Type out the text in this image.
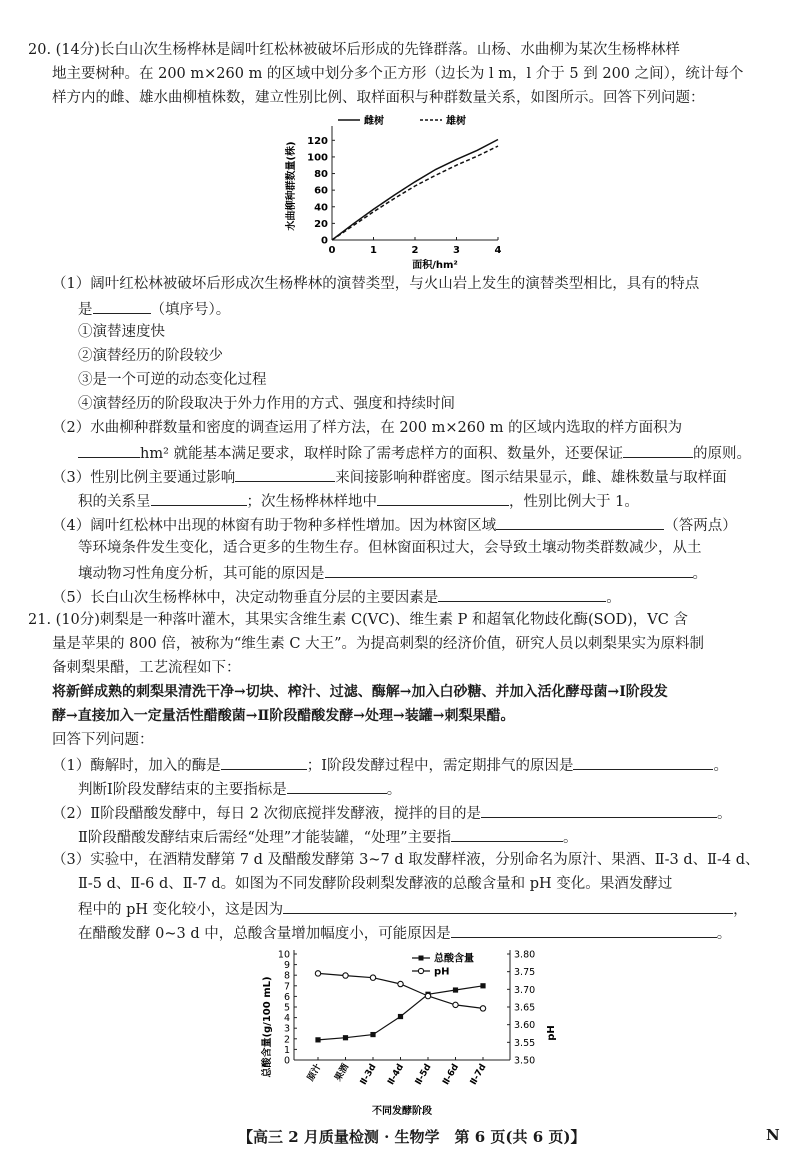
20. (14分)长白山次生杨桦林是阔叶红松林被破坏后形成的先锋群落。山杨、水曲柳为某次生杨桦林样
地主要树种。在 200 m×260 m 的区域中划分多个正方形（边长为 l m，l 介于 5 到 200 之间），统计每个
样方内的雌、雄水曲柳植株数，建立性别比例、取样面积与种群数量关系，如图所示。回答下列问题：
0
20
40
60
80
100
120
0	1	2	3	4
面积/hm²
水曲柳种群数量(株)
雌树	雄树
（1）阔叶红松林被破坏后形成次生杨桦林的演替类型，与火山岩上发生的演替类型相比，具有的特点
是	（填序号）。
①演替速度快
②演替经历的阶段较少
③是一个可逆的动态变化过程
④演替经历的阶段取决于外力作用的方式、强度和持续时间
（2）水曲柳种群数量和密度的调查运用了样方法，在 200 m×260 m 的区域内选取的样方面积为
hm² 就能基本满足要求，取样时除了需考虑样方的面积、数量外，还要保证	的原则。
（3）性别比例主要通过影响	来间接影响种群密度。图示结果显示，雌、雄株数量与取样面
积的关系呈	；次生杨桦林样地中	，性别比例大于 1。
（4）阔叶红松林中出现的林窗有助于物种多样性增加。因为林窗区域	（答两点）
等环境条件发生变化，适合更多的生物生存。但林窗面积过大，会导致土壤动物类群数减少，从土
壤动物习性角度分析，其可能的原因是	。
（5）长白山次生杨桦林中，决定动物垂直分层的主要因素是	。
21. (10分)刺梨是一种落叶灌木，其果实含维生素 C(VC)、维生素 P 和超氧化物歧化酶(SOD)，VC 含
量是苹果的 800 倍，被称为“维生素 C 大王”。为提高刺梨的经济价值，研究人员以刺梨果实为原料制
备刺梨果醋，工艺流程如下：
将新鲜成熟的刺梨果清洗干净→切块、榨汁、过滤、酶解→加入白砂糖、并加入活化酵母菌→Ⅰ阶段发
酵→直接加入一定量活性醋酸菌→Ⅱ阶段醋酸发酵→处理→装罐→刺梨果醋。
回答下列问题：
（1）酶解时，加入的酶是	；Ⅰ阶段发酵过程中，需定期排气的原因是	。
判断Ⅰ阶段发酵结束的主要指标是	。
（2）Ⅱ阶段醋酸发酵中，每日 2 次彻底搅拌发酵液，搅拌的目的是	。
Ⅱ阶段醋酸发酵结束后需经“处理”才能装罐，“处理”主要指	。
（3）实验中，在酒精发酵第 7 d 及醋酸发酵第 3~7 d 取发酵样液，分别命名为原汁、果酒、Ⅱ-3 d、Ⅱ-4 d、
Ⅱ-5 d、Ⅱ-6 d、Ⅱ-7 d。如图为不同发酵阶段刺梨发酵液的总酸含量和 pH 变化。果酒发酵过
程中的 pH 变化较小，这是因为	，
在醋酸发酵 0~3 d 中，总酸含量增加幅度小，可能原因是	。
0
1
2
3
4
5
6
7
8
9
10
3.50
3.55
3.60
3.65
3.70
3.75
3.80
原汁 果酒 Ⅱ-3d Ⅱ-4d Ⅱ-5d Ⅱ-6d Ⅱ-7d
不同发酵阶段
总酸含量(g/100 mL)	pH
总酸含量
pH
【高三 2 月质量检测 · 生物学　第 6 页(共 6 页)】	N
